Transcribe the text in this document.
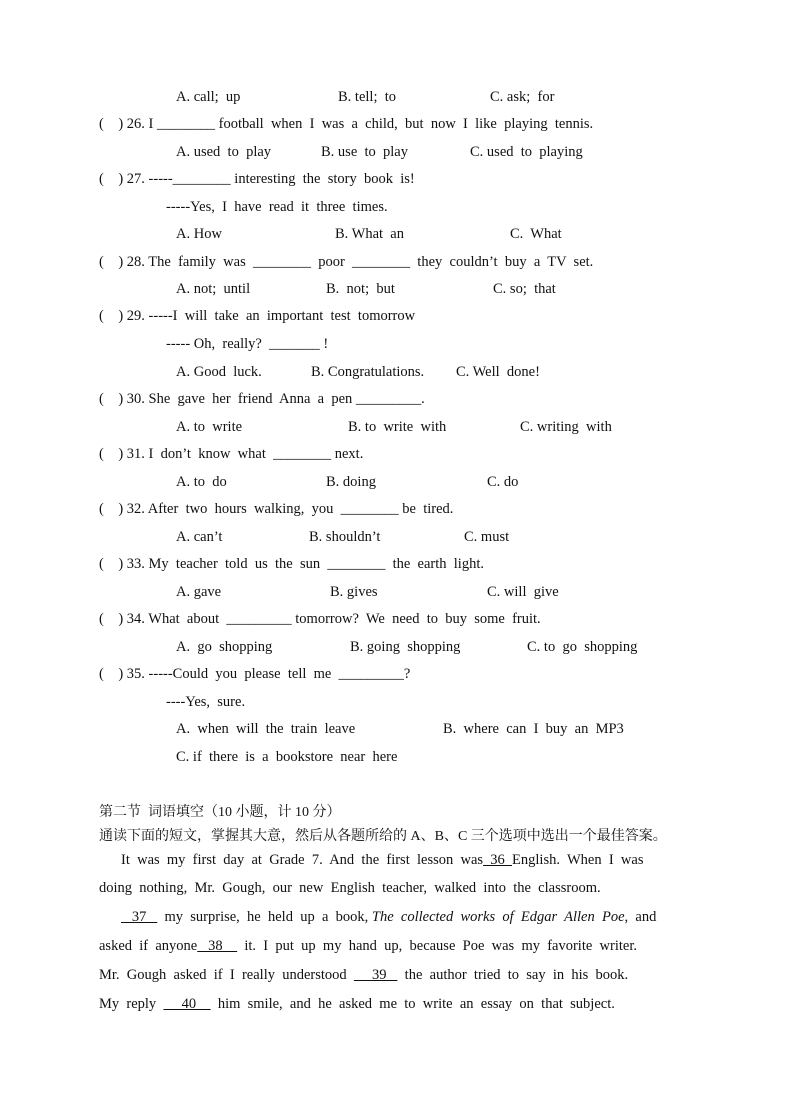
A. call;  up	B. tell;  to	C. ask;  for
(    ) 26. I ________ football  when  I  was  a  child,  but  now  I  like  playing  tennis.
A. used  to  play	B. use  to  play	C. used  to  playing
(    ) 27. -----________ interesting  the  story  book  is!
-----Yes,  I  have  read  it  three  times.
A. How	B. What  an	C.  What
(    ) 28. The  family  was  ________  poor  ________  they  couldn’t  buy  a  TV  set.
A. not;  until	B.  not;  but	C. so;  that
(    ) 29. -----I  will  take  an  important  test  tomorrow
----- Oh,  really?  _______ !
A. Good  luck.	B. Congratulations. C. Well  done!
(    ) 30. She  gave  her  friend  Anna  a  pen _________.
A. to  write	B. to  write  with	C. writing  with
(    ) 31. I  don’t  know  what  ________ next.
A. to  do	B. doing	C. do
(    ) 32. After  two  hours  walking,  you  ________ be  tired.
A. can’t	B. shouldn’t	C. must
(    ) 33. My  teacher  told  us  the  sun  ________  the  earth  light.
A. gave	B. gives	C. will  give
(    ) 34. What  about  _________ tomorrow?  We  need  to  buy  some  fruit.
A.  go  shopping	B. going  shopping	C. to  go  shopping
(    ) 35. -----Could  you  please  tell  me  _________?
----Yes,  sure.
A.  when  will  the  train  leave	B.  where  can  I  buy  an  MP3
C. if  there  is  a  bookstore  near  here
第二节  词语填空（10 小题，计 10 分）
通读下面的短文，掌握其大意，然后从各题所给的 A、B、C 三个选项中选出一个最佳答案。
It  was  my  first  day  at  Grade  7.  And  the  first  lesson  was  36  English.  When  I  was
doing  nothing,  Mr.  Gough,  our  new  English  teacher,  walked  into  the  classroom.
37     my  surprise,  he  held  up  a  book, The  collected  works  of  Edgar  Allen  Poe,  and
asked  if  anyone   38      it.  I  put  up  my  hand  up,  because  Poe  was  my  favorite  writer.
Mr.  Gough  asked  if  I  really  understood       39     the  author  tried  to  say  in  his  book.
My  reply       40      him  smile,  and  he  asked  me  to  write  an  essay  on  that  subject.
